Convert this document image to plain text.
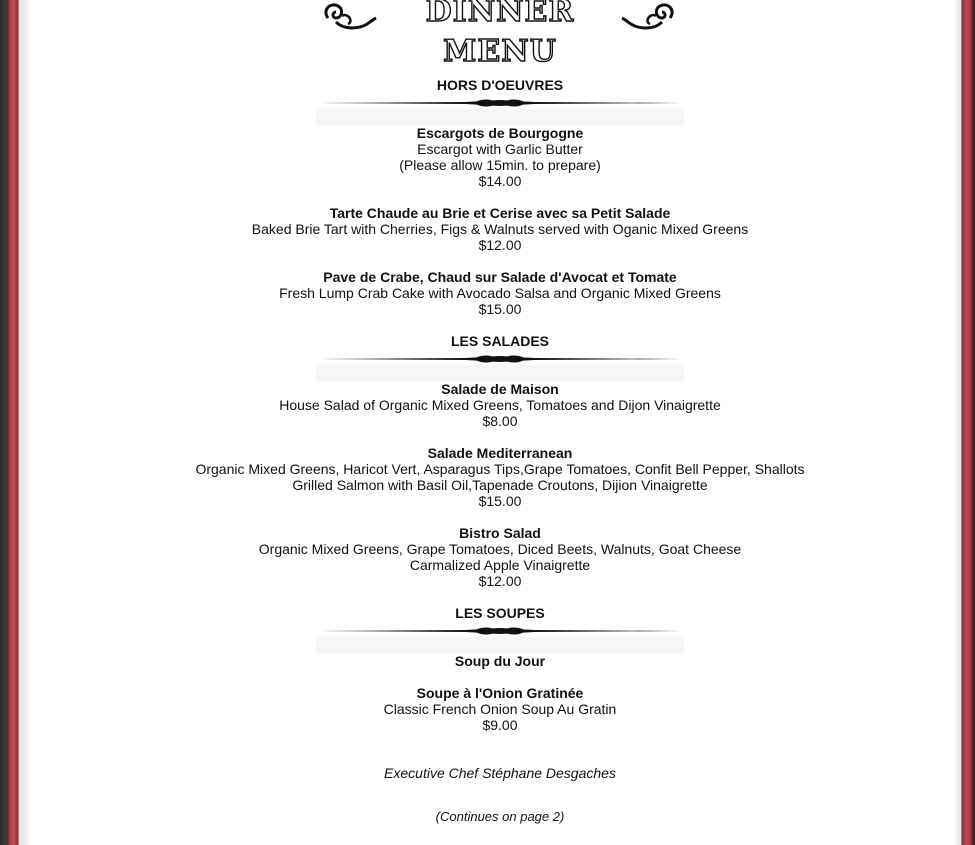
DINNER MENU
HORS D'OEUVRES
Escargots de Bourgogne
Escargot with Garlic Butter
(Please allow 15min. to prepare)
$14.00
Tarte Chaude au Brie et Cerise avec sa Petit Salade
Baked Brie Tart with Cherries, Figs & Walnuts served with Oganic Mixed Greens
$12.00
Pave de Crabe, Chaud sur Salade d'Avocat et Tomate
Fresh Lump Crab Cake with Avocado Salsa and Organic Mixed Greens
$15.00
LES SALADES
Salade de Maison
House Salad of Organic Mixed Greens, Tomatoes and Dijon Vinaigrette
$8.00
Salade Mediterranean
Organic Mixed Greens, Haricot Vert, Asparagus Tips,Grape Tomatoes, Confit Bell Pepper, Shallots
Grilled Salmon with Basil Oil,Tapenade Croutons, Dijion Vinaigrette
$15.00
Bistro Salad
Organic Mixed Greens, Grape Tomatoes, Diced Beets, Walnuts, Goat Cheese
Carmalized Apple Vinaigrette
$12.00
LES SOUPES
Soup du Jour
Soupe à l'Onion Gratinée
Classic French Onion Soup Au Gratin
$9.00
Executive Chef Stéphane Desgaches
(Continues on page 2)
